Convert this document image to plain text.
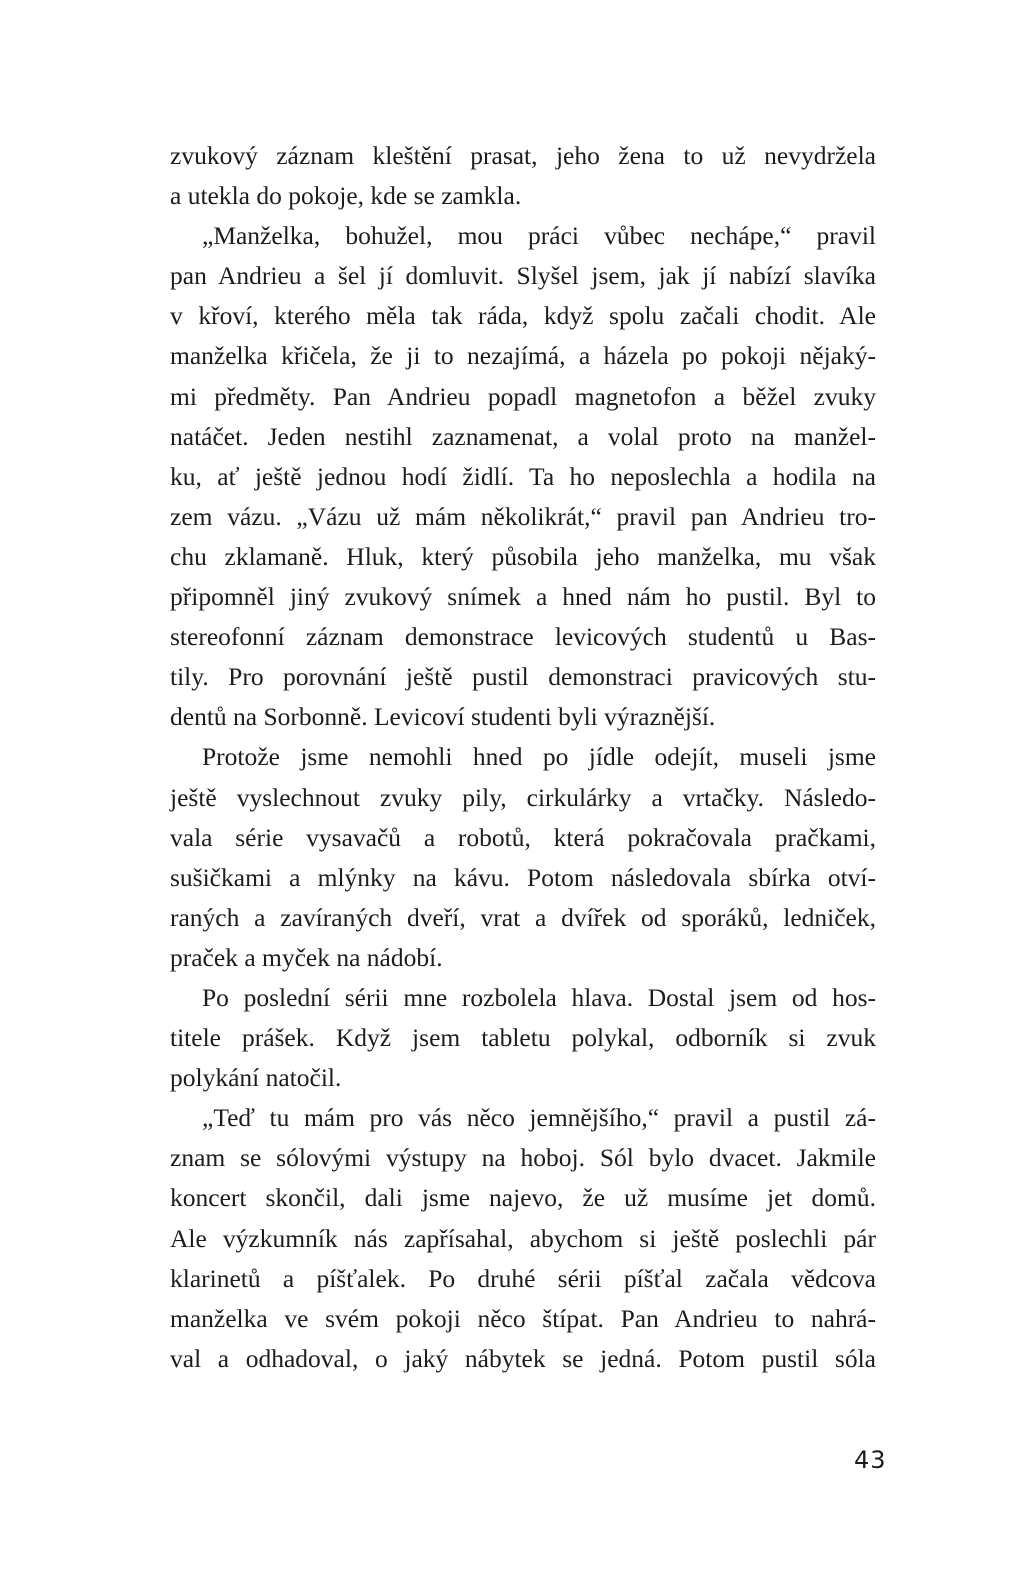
zvukový záznam kleštění prasat, jeho žena to už nevydržela
a utekla do pokoje, kde se zamkla.
„Manželka, bohužel, mou práci vůbec nechápe,“ pravil
pan Andrieu a šel jí domluvit. Slyšel jsem, jak jí nabízí slavíka
v křoví, kterého měla tak ráda, když spolu začali chodit. Ale
manželka křičela, že ji to nezajímá, a házela po pokoji nějaký-
mi předměty. Pan Andrieu popadl magnetofon a běžel zvuky
natáčet. Jeden nestihl zaznamenat, a volal proto na manžel-
ku, ať ještě jednou hodí židlí. Ta ho neposlechla a hodila na
zem vázu. „Vázu už mám několikrát,“ pravil pan Andrieu tro-
chu zklamaně. Hluk, který působila jeho manželka, mu však
připomněl jiný zvukový snímek a hned nám ho pustil. Byl to
stereofonní záznam demonstrace levicových studentů u Bas-
tily. Pro porovnání ještě pustil demonstraci pravicových stu-
dentů na Sorbonně. Levicoví studenti byli výraznější.
Protože jsme nemohli hned po jídle odejít, museli jsme
ještě vyslechnout zvuky pily, cirkulárky a vrtačky. Následo-
vala série vysavačů a robotů, která pokračovala pračkami,
sušičkami a mlýnky na kávu. Potom následovala sbírka otví-
raných a zavíraných dveří, vrat a dvířek od sporáků, ledniček,
praček a myček na nádobí.
Po poslední sérii mne rozbolela hlava. Dostal jsem od hos-
titele prášek. Když jsem tabletu polykal, odborník si zvuk
polykání natočil.
„Teď tu mám pro vás něco jemnějšího,“ pravil a pustil zá-
znam se sólovými výstupy na hoboj. Sól bylo dvacet. Jakmile
koncert skončil, dali jsme najevo, že už musíme jet domů.
Ale výzkumník nás zapřísahal, abychom si ještě poslechli pár
klarinetů a píšťalek. Po druhé sérii píšťal začala vědcova
manželka ve svém pokoji něco štípat. Pan Andrieu to nahrá-
val a odhadoval, o jaký nábytek se jedná. Potom pustil sóla
43
